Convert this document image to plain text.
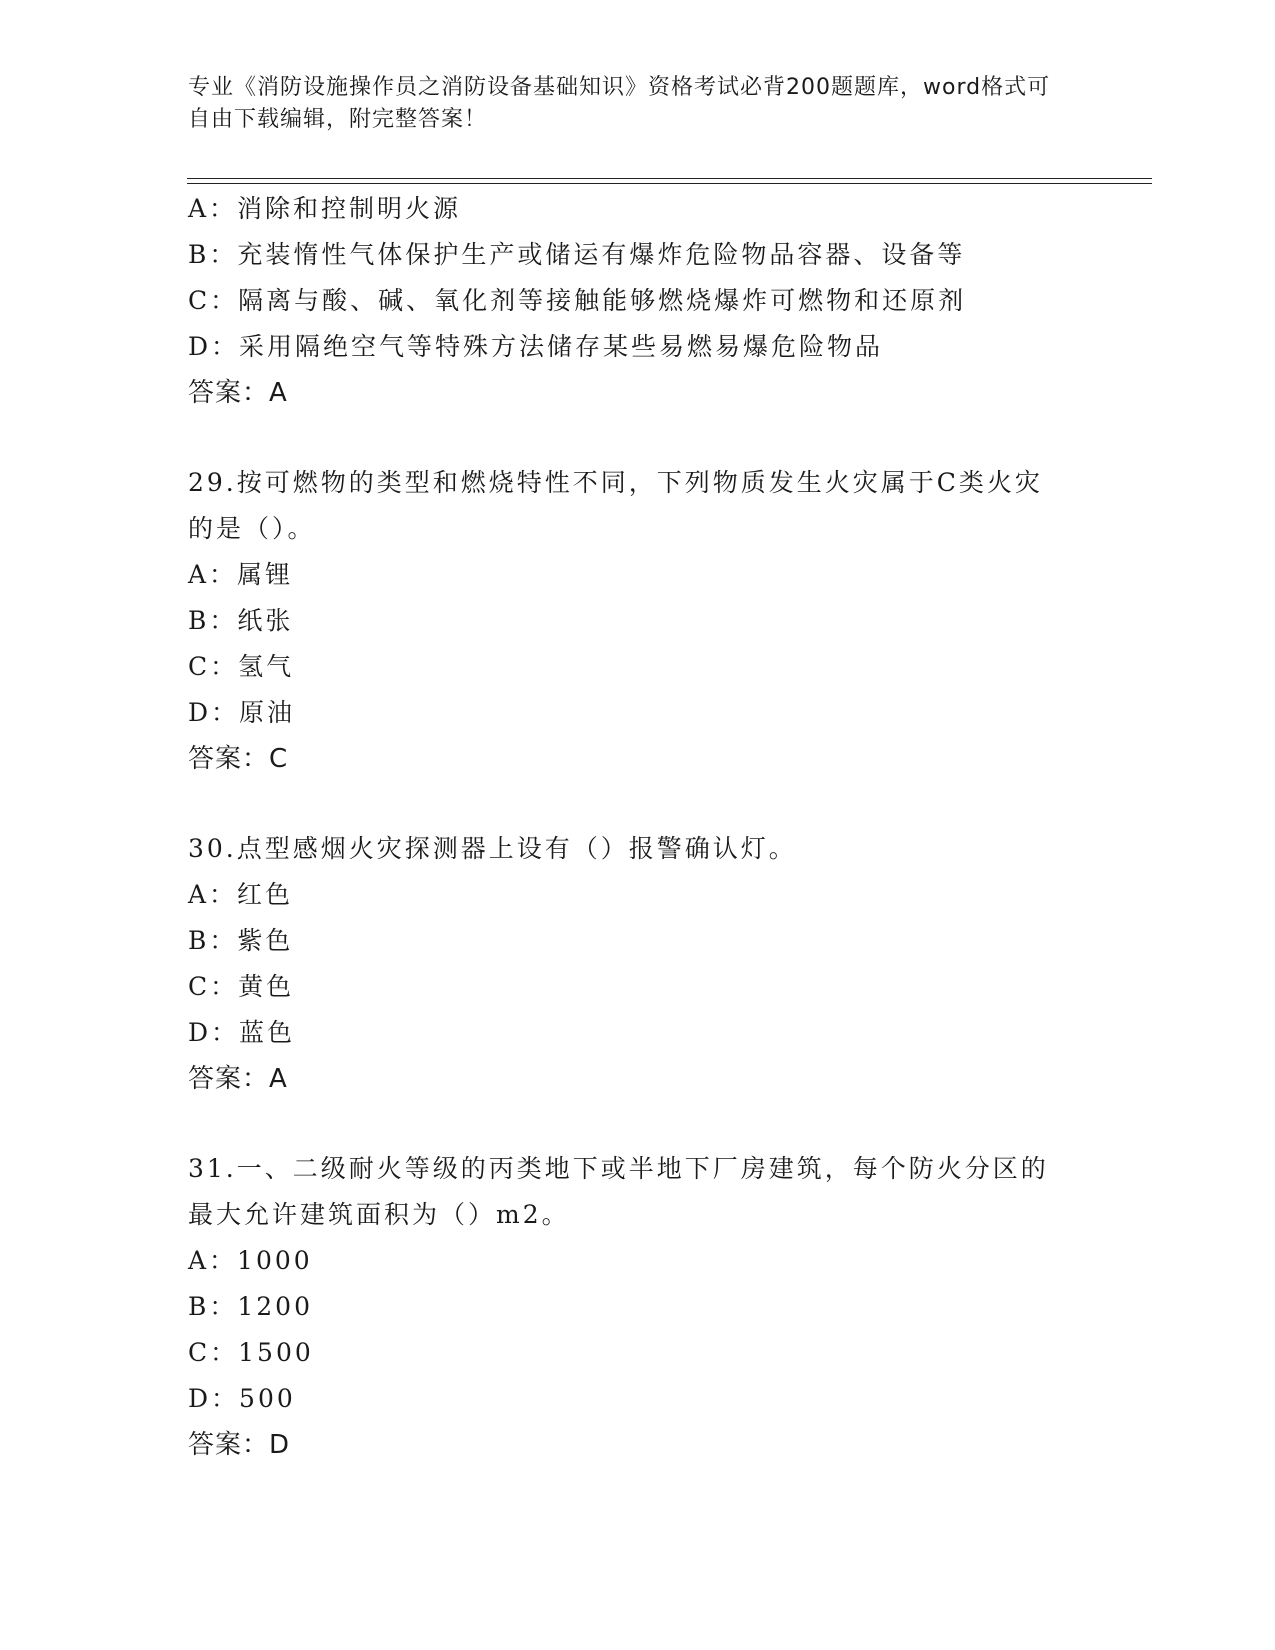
专业《消防设施操作员之消防设备基础知识》资格考试必背200题题库，word格式可自由下载编辑，附完整答案！
A：消除和控制明火源
B：充装惰性气体保护生产或储运有爆炸危险物品容器、设备等
C：隔离与酸、碱、氧化剂等接触能够燃烧爆炸可燃物和还原剂
D：采用隔绝空气等特殊方法储存某些易燃易爆危险物品
答案：A
29.按可燃物的类型和燃烧特性不同，下列物质发生火灾属于C类火灾
的是（）。
A：属锂
B：纸张
C：氢气
D：原油
答案：C
30.点型感烟火灾探测器上设有（）报警确认灯。
A：红色
B：紫色
C：黄色
D：蓝色
答案：A
31.一、二级耐火等级的丙类地下或半地下厂房建筑，每个防火分区的
最大允许建筑面积为（）m2。
A：1000
B：1200
C：1500
D：500
答案：D
